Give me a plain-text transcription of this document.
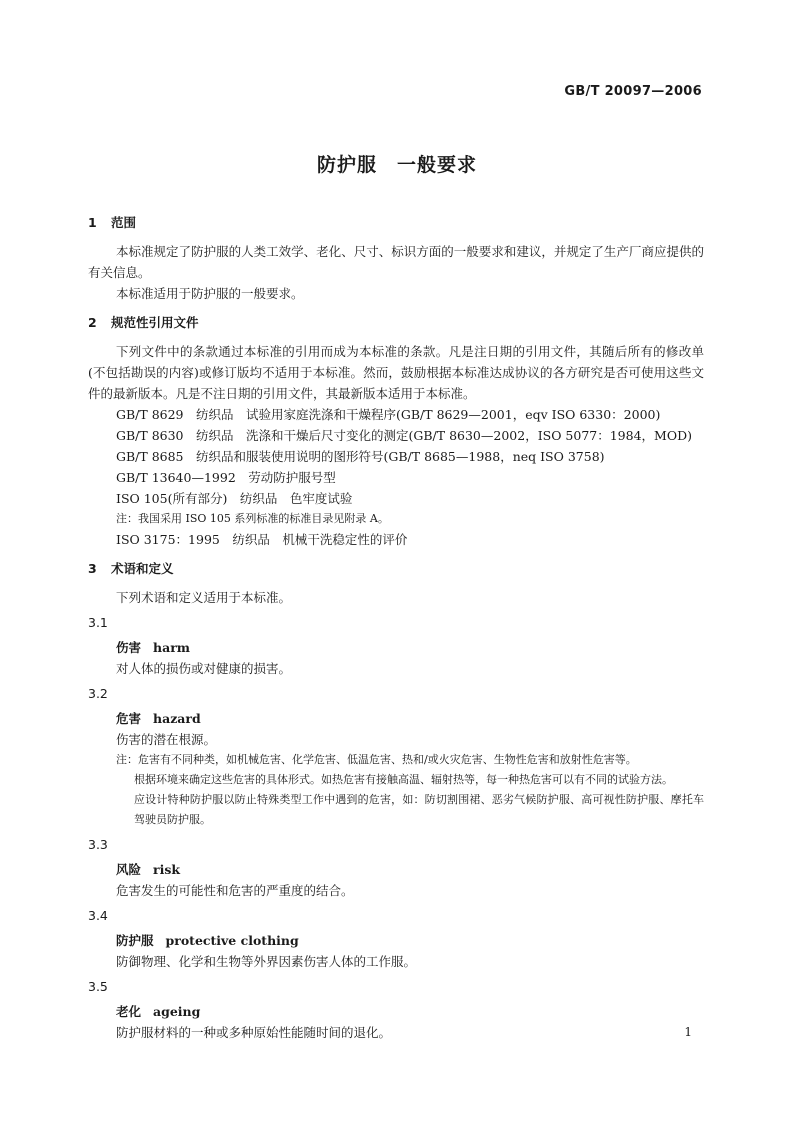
GB/T 20097—2006
防护服　一般要求
1 范围
本标准规定了防护服的人类工效学、老化、尺寸、标识方面的一般要求和建议，并规定了生产厂商应提供的有关信息。
本标准适用于防护服的一般要求。
2 规范性引用文件
下列文件中的条款通过本标准的引用而成为本标准的条款。凡是注日期的引用文件，其随后所有的修改单(不包括勘误的内容)或修订版均不适用于本标准。然而，鼓励根据本标准达成协议的各方研究是否可使用这些文件的最新版本。凡是不注日期的引用文件，其最新版本适用于本标准。
GB/T 8629　纺织品　试验用家庭洗涤和干燥程序(GB/T 8629—2001，eqv ISO 6330：2000)
GB/T 8630　纺织品　洗涤和干燥后尺寸变化的测定(GB/T 8630—2002，ISO 5077：1984，MOD)
GB/T 8685　纺织品和服装使用说明的图形符号(GB/T 8685—1988，neq ISO 3758)
GB/T 13640—1992　劳动防护服号型
ISO 105(所有部分)　纺织品　色牢度试验
注：我国采用 ISO 105 系列标准的标准目录见附录 A。
ISO 3175：1995　纺织品　机械干洗稳定性的评价
3 术语和定义
下列术语和定义适用于本标准。
3.1
伤害 harm
对人体的损伤或对健康的损害。
3.2
危害 hazard
伤害的潜在根源。
注：危害有不同种类，如机械危害、化学危害、低温危害、热和/或火灾危害、生物性危害和放射性危害等。
根据环境来确定这些危害的具体形式。如热危害有接触高温、辐射热等，每一种热危害可以有不同的试验方法。
应设计特种防护服以防止特殊类型工作中遇到的危害，如：防切割围裙、恶劣气候防护服、高可视性防护服、摩托车驾驶员防护服。
3.3
风险 risk
危害发生的可能性和危害的严重度的结合。
3.4
防护服 protective clothing
防御物理、化学和生物等外界因素伤害人体的工作服。
3.5
老化 ageing
防护服材料的一种或多种原始性能随时间的退化。	1
